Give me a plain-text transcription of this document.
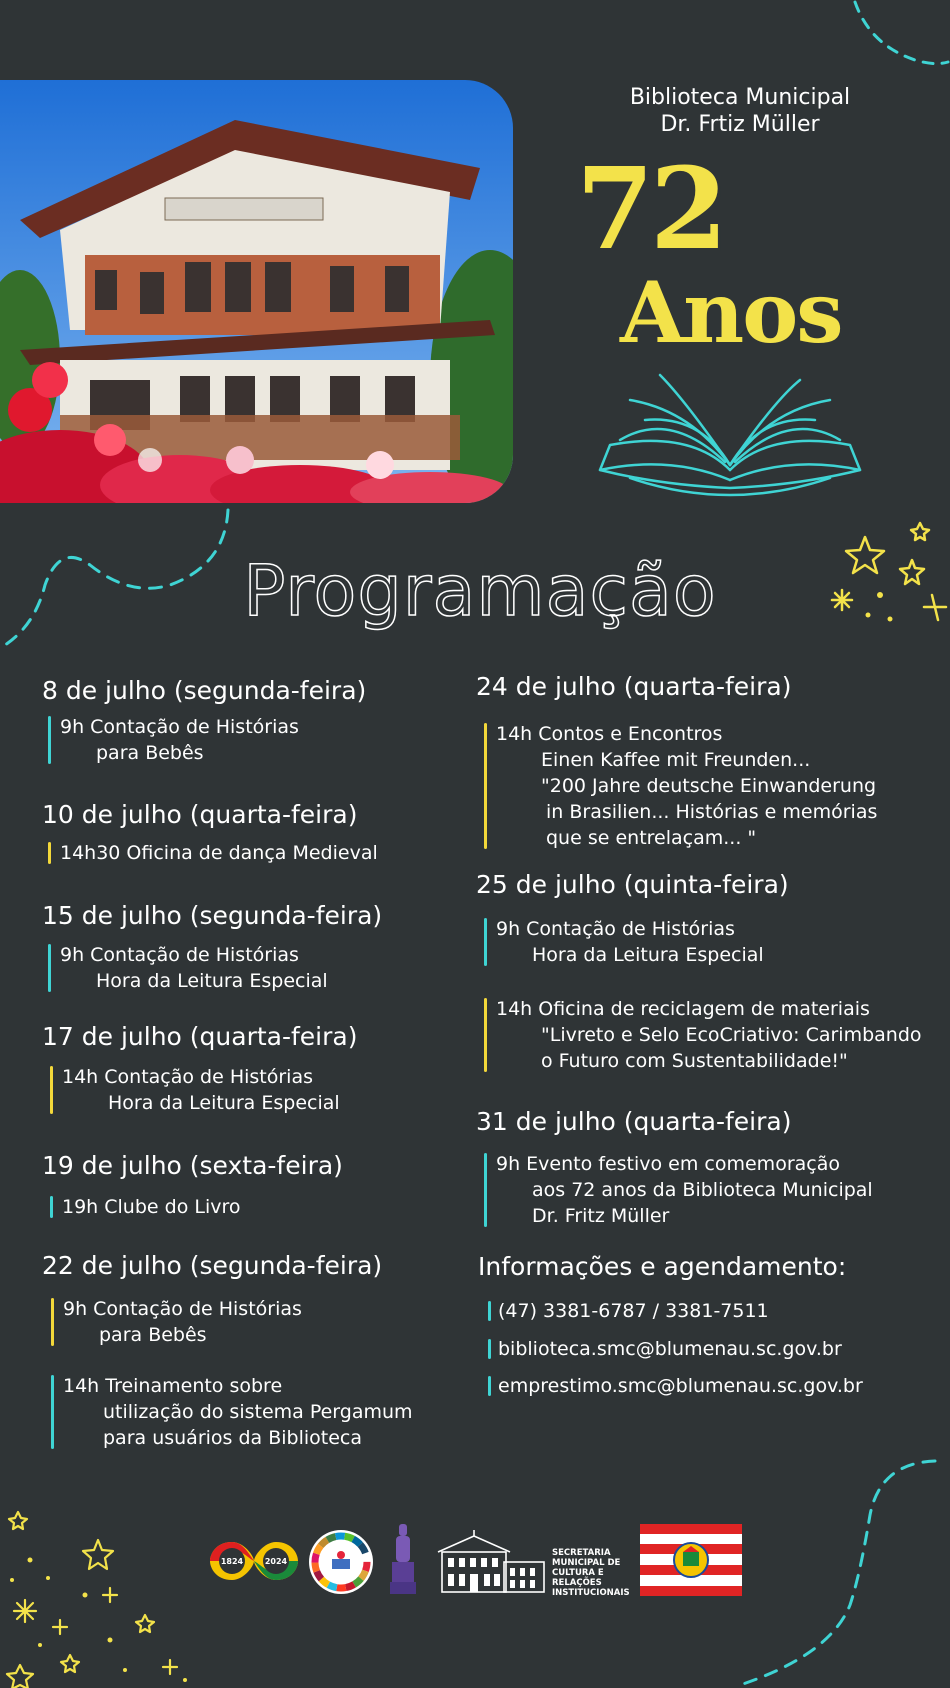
Biblioteca Municipal
Dr. Frtiz Müller
72
Anos
Programação
8 de julho (segunda-feira)
9h Contação de Histórias
para Bebês
10 de julho (quarta-feira)
14h30 Oficina de dança Medieval
15 de julho (segunda-feira)
9h Contação de Histórias
Hora da Leitura Especial
17 de julho (quarta-feira)
14h Contação de Histórias
Hora da Leitura Especial
19 de julho (sexta-feira)
19h Clube do Livro
22 de julho (segunda-feira)
9h Contação de Histórias
para Bebês
14h Treinamento sobre
utilização do sistema Pergamum
para usuários da Biblioteca
24 de julho (quarta-feira)
14h Contos e Encontros
Einen Kaffee mit Freunden...
"200 Jahre deutsche Einwanderung
in Brasilien... Histórias e memórias
que se entrelaçam... "
25 de julho (quinta-feira)
9h Contação de Histórias
Hora da Leitura Especial
14h Oficina de reciclagem de materiais
"Livreto e Selo EcoCriativo: Carimbando
o Futuro com Sustentabilidade!"
31 de julho (quarta-feira)
9h Evento festivo em comemoração
aos 72 anos da Biblioteca Municipal
Dr. Fritz Müller
Informações e agendamento:
(47) 3381-6787 / 3381-7511
biblioteca.smc@blumenau.sc.gov.br
emprestimo.smc@blumenau.sc.gov.br
1824	2024
SECRETARIA
MUNICIPAL DE
CULTURA E
RELAÇÕES
INSTITUCIONAIS
